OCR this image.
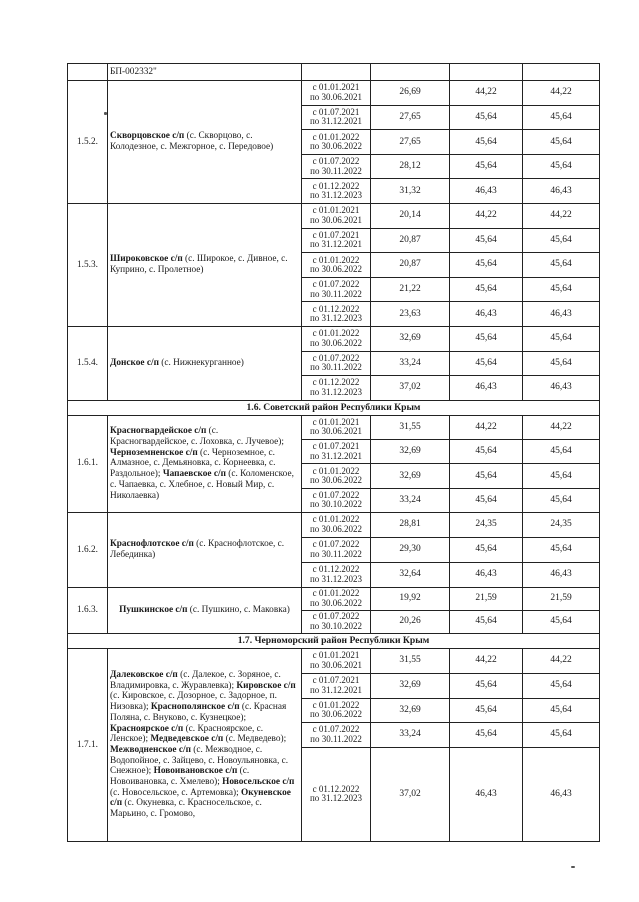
	БП-002332"				
1.5.2.	Скворцовское с/п (с. Скворцово, с. Колодезное, с. Межгорное, с. Передовое)	с 01.01.2021
по 30.06.2021	26,69	44,22	44,22

		с 01.07.2021
по 31.12.2021	27,65	45,64	45,64

		с 01.01.2022
по 30.06.2022	27,65	45,64	45,64

		с 01.07.2022
по 30.11.2022	28,12	45,64	45,64

		с 01.12.2022
по 31.12.2023	31,32	46,43	46,43
1.5.3.	Широковское с/п (с. Широкое, с. Дивное, с. Куприно, с. Пролетное)	с 01.01.2021
по 30.06.2021	20,14	44,22	44,22

		с 01.07.2021
по 31.12.2021	20,87	45,64	45,64

		с 01.01.2022
по 30.06.2022	20,87	45,64	45,64

		с 01.07.2022
по 30.11.2022	21,22	45,64	45,64

		с 01.12.2022
по 31.12.2023	23,63	46,43	46,43
1.5.4.	Донское с/п (с. Нижнекурганное)	с 01.01.2022
по 30.06.2022	32,69	45,64	45,64

		с 01.07.2022
по 30.11.2022	33,24	45,64	45,64

		с 01.12.2022
по 31.12.2023	37,02	46,43	46,43
1.6. Советский район Республики Крым					
1.6.1.	Красногвардейское с/п (с. Красногвардейское, с. Лоховка, с. Лучевое); Черноземненское с/п (с. Черноземное, с. Алмазное, с. Демьяновка, с. Корнеевка, с. Раздольное); Чапаевское с/п (с. Коломенское, с. Чапаевка, с. Хлебное, с. Новый Мир, с. Николаевка)	с 01.01.2021
по 30.06.2021	31,55	44,22	44,22

		с 01.07.2021
по 31.12.2021	32,69	45,64	45,64

		с 01.01.2022
по 30.06.2022	32,69	45,64	45,64

		с 01.07.2022
по 30.10.2022	33,24	45,64	45,64
1.6.2.	Краснофлотское с/п (с. Краснофлотское, с. Лебединка)	с 01.01.2022
по 30.06.2022	28,81	24,35	24,35

		с 01.07.2022
по 30.11.2022	29,30	45,64	45,64

		с 01.12.2022
по 31.12.2023	32,64	46,43	46,43
1.6.3.	Пушкинское с/п (с. Пушкино, с. Маковка)	с 01.01.2022
по 30.06.2022	19,92	21,59	21,59

		с 01.07.2022
по 30.10.2022	20,26	45,64	45,64
1.7. Черноморский район Республики Крым					
1.7.1.	Далековское с/п (с. Далекое, с. Зоряное, с. Владимировка, с. Журавлевка); Кировское с/п (с. Кировское, с. Дозорное, с. Задорное, п. Низовка); Краснополянское с/п (с. Красная Поляна, с. Внуково, с. Кузнецкое); Красноярское с/п (с. Красноярское, с. Ленское); Медведевское с/п (с. Медведево); Межводненское с/п (с. Межводное, с. Водопойное, с. Зайцево, с. Новоульяновка, с. Снежное); Новоивановское с/п (с. Новоивановка, с. Хмелево); Новосельское с/п (с. Новосельское, с. Артемовка); Окуневское с/п (с. Окуневка, с. Красносельское, с. Марьино, с. Громово,	с 01.01.2021
по 30.06.2021	31,55	44,22	44,22

		с 01.07.2021
по 31.12.2021	32,69	45,64	45,64

		с 01.01.2022
по 30.06.2022	32,69	45,64	45,64

		с 01.07.2022
по 30.11.2022	33,24	45,64	45,64

		с 01.12.2022
по 31.12.2023	37,02	46,43	46,43
